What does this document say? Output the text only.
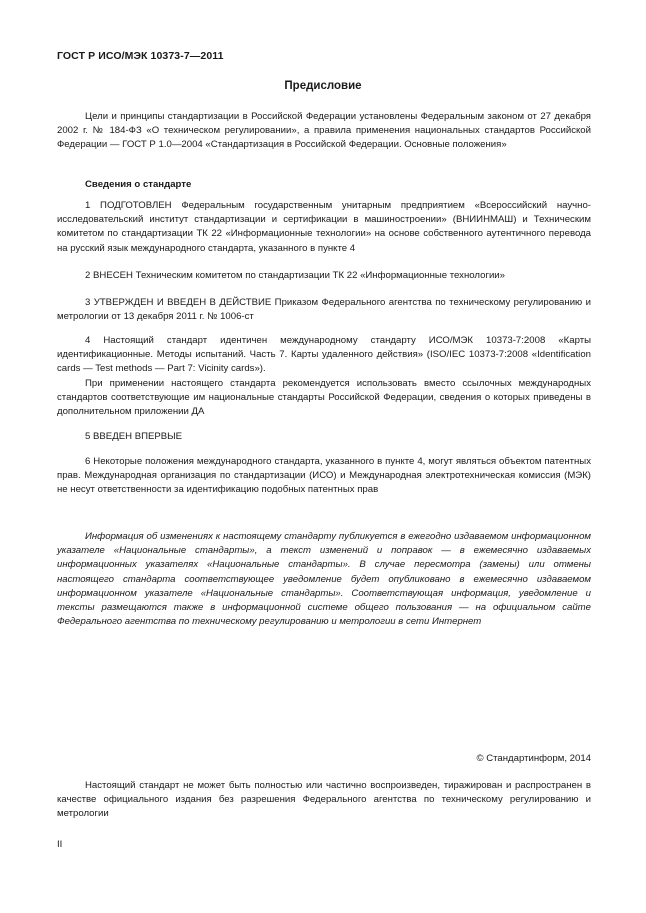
ГОСТ Р ИСО/МЭК 10373-7—2011
Предисловие

Цели и принципы стандартизации в Российской Федерации установлены Федеральным законом от 27 декабря 2002 г. № 184-ФЗ «О техническом регулировании», а правила применения национальных стандартов Российской Федерации — ГОСТ Р 1.0—2004 «Стандартизация в Российской Федерации. Основные положения»

Сведения о стандарте

1 ПОДГОТОВЛЕН Федеральным государственным унитарным предприятием «Всероссийский научно-исследовательский институт стандартизации и сертификации в машиностроении» (ВНИИНМАШ) и Техническим комитетом по стандартизации ТК 22 «Информационные технологии» на основе собственного аутентичного перевода на русский язык международного стандарта, указанного в пункте 4

2 ВНЕСЕН Техническим комитетом по стандартизации ТК 22 «Информационные технологии»

3 УТВЕРЖДЕН И ВВЕДЕН В ДЕЙСТВИЕ Приказом Федерального агентства по техническому регулированию и метрологии от 13 декабря 2011 г. № 1006-ст

4 Настоящий стандарт идентичен международному стандарту ИСО/МЭК 10373-7:2008 «Карты идентификационные. Методы испытаний. Часть 7. Карты удаленного действия» (ISO/IEC 10373-7:2008 «Identification cards — Test methods — Part 7: Vicinity cards»).

При применении настоящего стандарта рекомендуется использовать вместо ссылочных международных стандартов соответствующие им национальные стандарты Российской Федерации, сведения о которых приведены в дополнительном приложении ДА

5 ВВЕДЕН ВПЕРВЫЕ

6 Некоторые положения международного стандарта, указанного в пункте 4, могут являться объектом патентных прав. Международная организация по стандартизации (ИСО) и Международная электротехническая комиссия (МЭК) не несут ответственности за идентификацию подобных патентных прав

Информация об изменениях к настоящему стандарту публикуется в ежегодно издаваемом информационном указателе «Национальные стандарты», а текст изменений и поправок — в ежемесячно издаваемых информационных указателях «Национальные стандарты». В случае пересмотра (замены) или отмены настоящего стандарта соответствующее уведомление будет опубликовано в ежемесячно издаваемом информационном указателе «Национальные стандарты». Соответствующая информация, уведомление и тексты размещаются также в информационной системе общего пользования — на официальном сайте Федерального агентства по техническому регулированию и метрологии в сети Интернет

© Стандартинформ, 2014

Настоящий стандарт не может быть полностью или частично воспроизведен, тиражирован и распространен в качестве официального издания без разрешения Федерального агентства по техническому регулированию и метрологии

II
